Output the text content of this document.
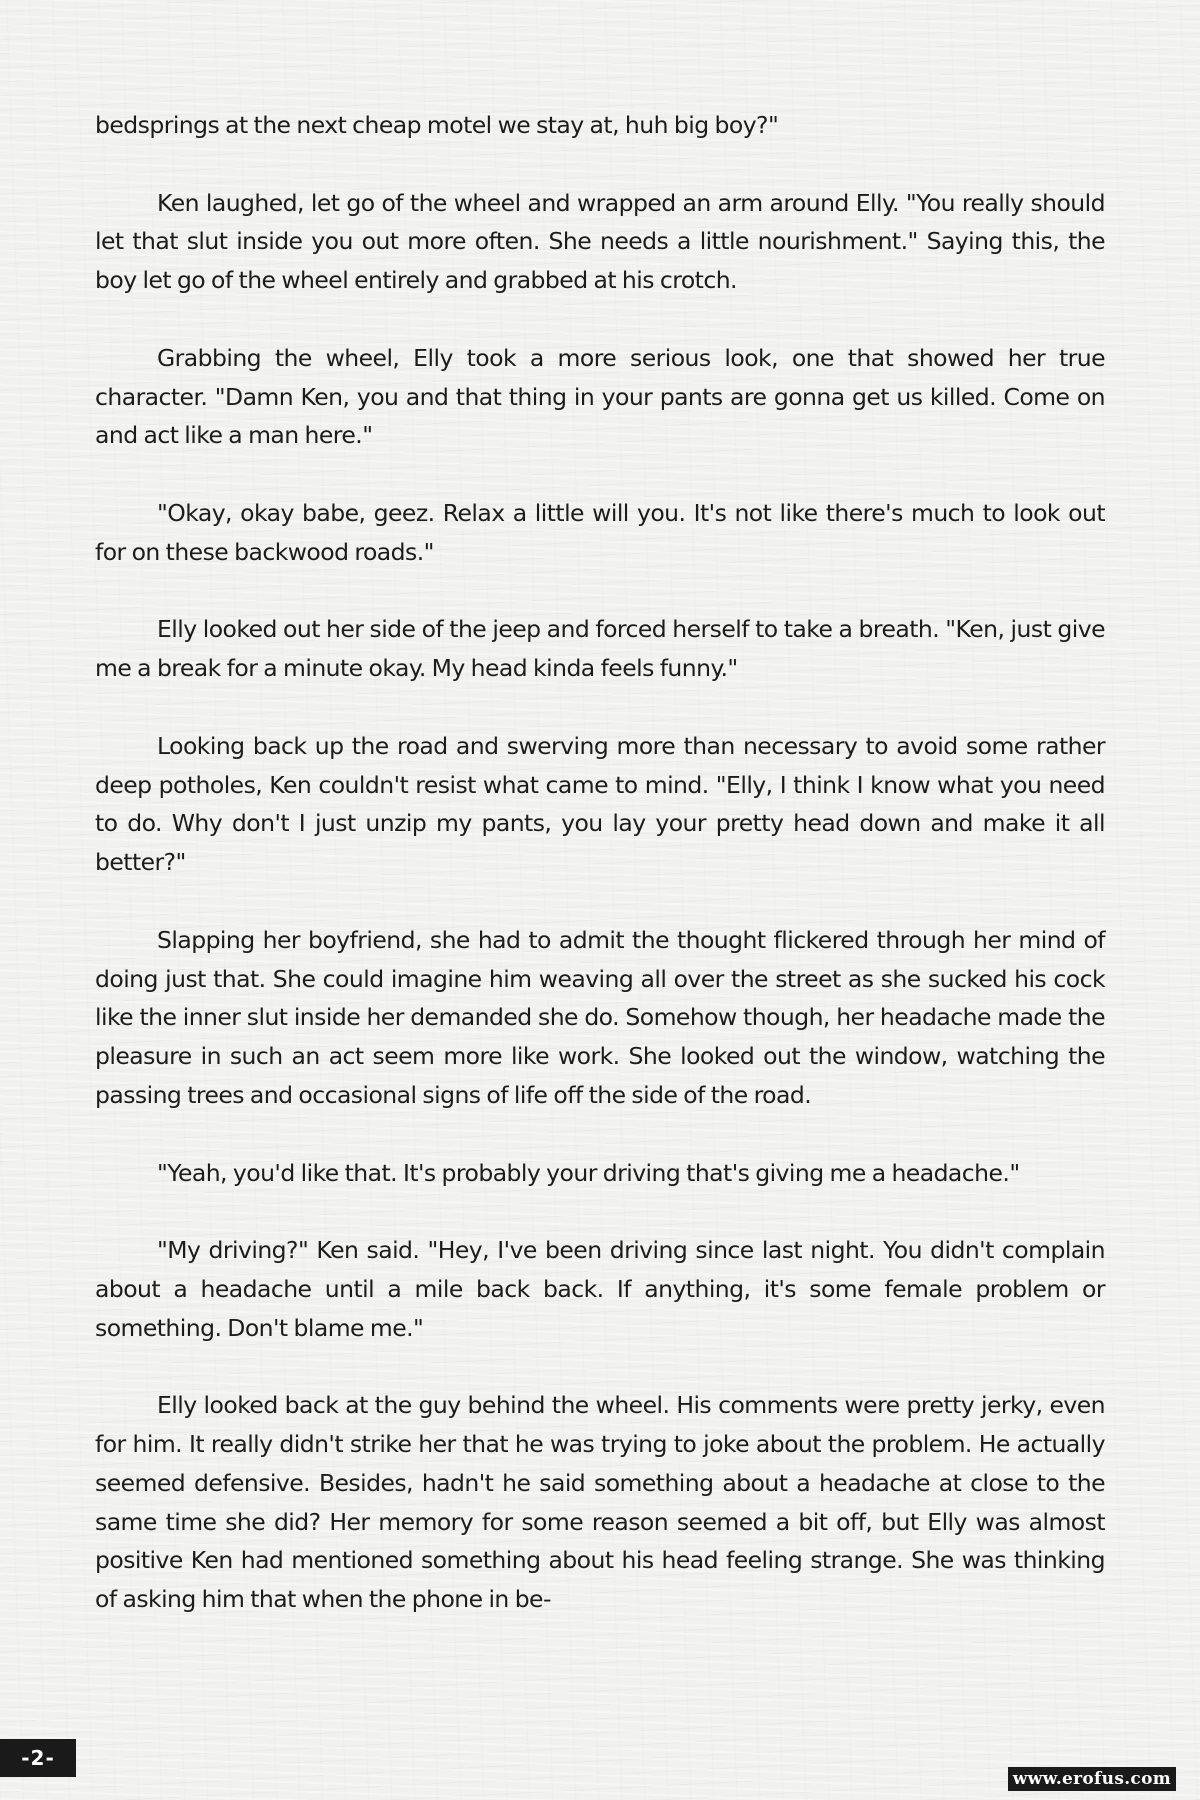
bedsprings at the next cheap motel we stay at, huh big boy?"

Ken laughed, let go of the wheel and wrapped an arm around Elly. "You really should let that slut inside you out more often. She needs a little nourishment." Saying this, the boy let go of the wheel entirely and grabbed at his crotch.

Grabbing the wheel, Elly took a more serious look, one that showed her true character. "Damn Ken, you and that thing in your pants are gonna get us killed. Come on and act like a man here."

"Okay, okay babe, geez. Relax a little will you. It's not like there's much to look out for on these backwood roads."

Elly looked out her side of the jeep and forced herself to take a breath. "Ken, just give me a break for a minute okay. My head kinda feels funny."

Looking back up the road and swerving more than necessary to avoid some rather deep potholes, Ken couldn't resist what came to mind. "Elly, I think I know what you need to do. Why don't I just unzip my pants, you lay your pretty head down and make it all better?"

Slapping her boyfriend, she had to admit the thought flickered through her mind of doing just that. She could imagine him weaving all over the street as she sucked his cock like the inner slut inside her demanded she do. Somehow though, her headache made the pleasure in such an act seem more like work. She looked out the window, watching the passing trees and occasional signs of life off the side of the road.

"Yeah, you'd like that. It's probably your driving that's giving me a headache."

"My driving?" Ken said. "Hey, I've been driving since last night. You didn't complain about a headache until a mile back back. If anything, it's some female problem or something. Don't blame me."

Elly looked back at the guy behind the wheel. His comments were pretty jerky, even for him. It really didn't strike her that he was trying to joke about the problem. He actually seemed defensive. Besides, hadn't he said something about a headache at close to the same time she did? Her memory for some reason seemed a bit off, but Elly was almost positive Ken had mentioned something about his head feeling strange. She was thinking of asking him that when the phone in be-

-2-
www.erofus.com
